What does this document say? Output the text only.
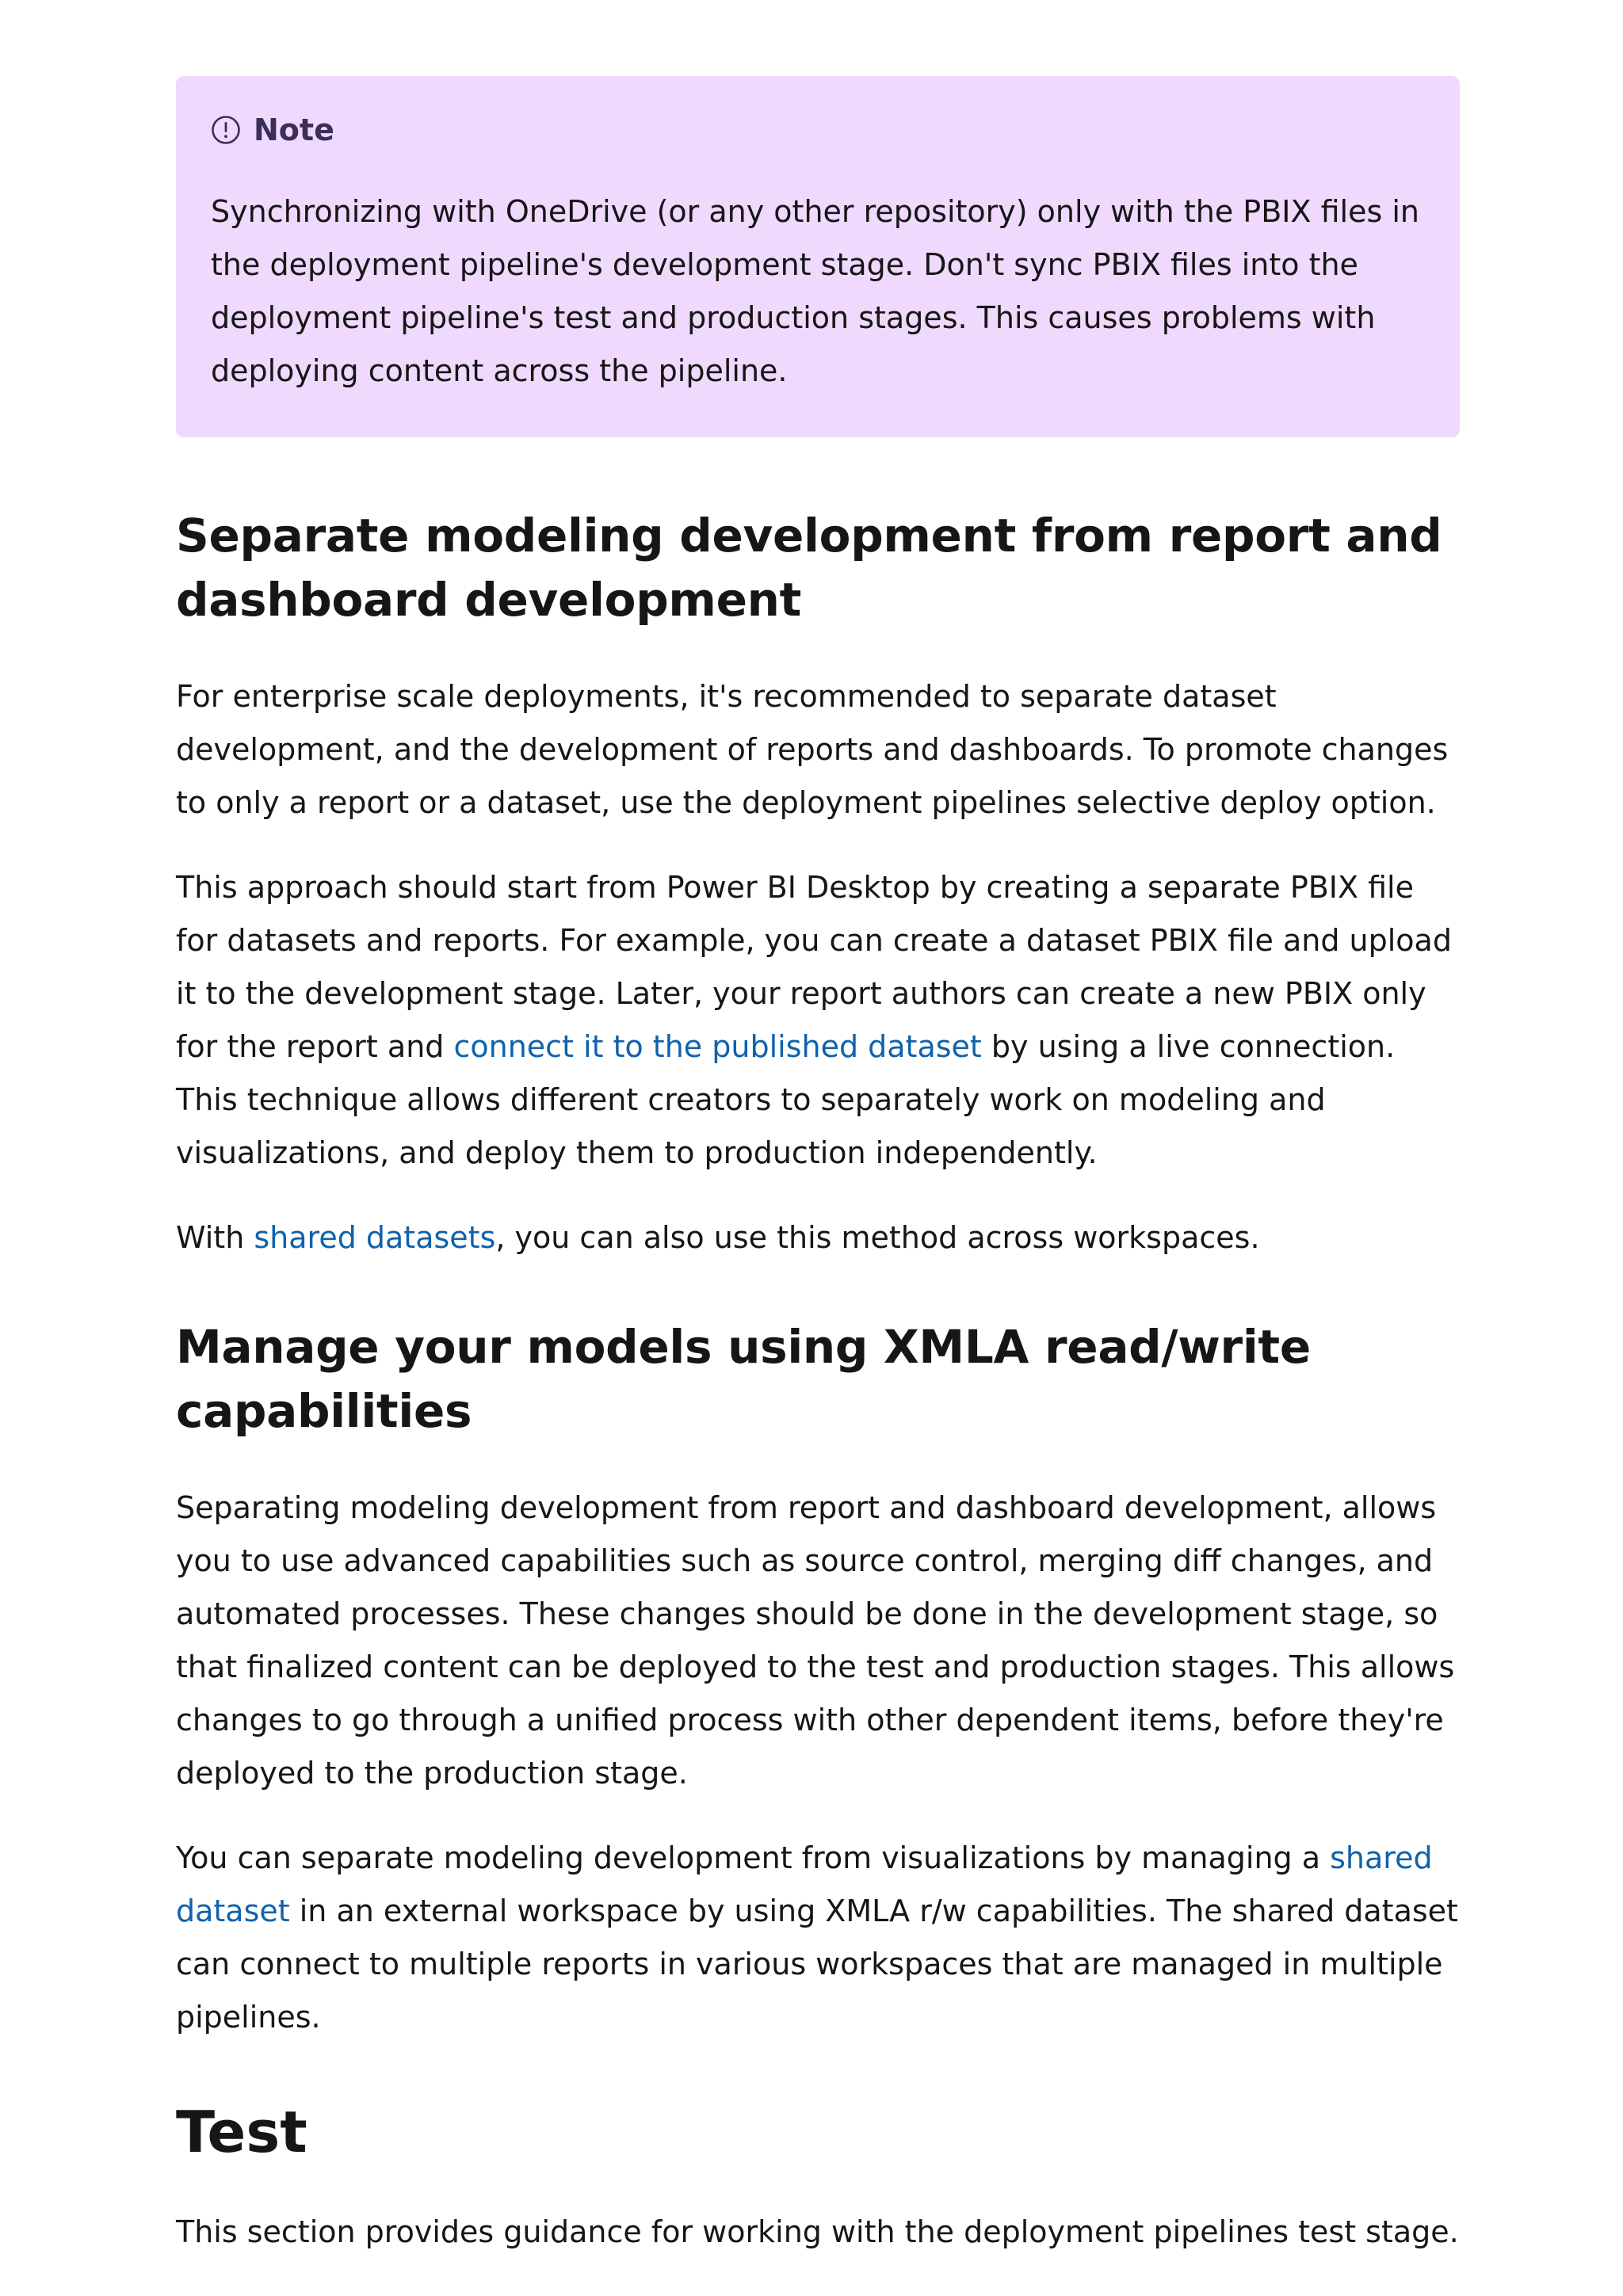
Note

Synchronizing with OneDrive (or any other repository) only with the PBIX files in the deployment pipeline's development stage. Don't sync PBIX files into the deployment pipeline's test and production stages. This causes problems with deploying content across the pipeline.

Separate modeling development from report and dashboard development

For enterprise scale deployments, it's recommended to separate dataset development, and the development of reports and dashboards. To promote changes to only a report or a dataset, use the deployment pipelines selective deploy option.

This approach should start from Power BI Desktop by creating a separate PBIX file for datasets and reports. For example, you can create a dataset PBIX file and upload it to the development stage. Later, your report authors can create a new PBIX only for the report and connect it to the published dataset by using a live connection. This technique allows different creators to separately work on modeling and visualizations, and deploy them to production independently.

With shared datasets, you can also use this method across workspaces.

Manage your models using XMLA read/write capabilities

Separating modeling development from report and dashboard development, allows you to use advanced capabilities such as source control, merging diff changes, and automated processes. These changes should be done in the development stage, so that finalized content can be deployed to the test and production stages. This allows changes to go through a unified process with other dependent items, before they're deployed to the production stage.

You can separate modeling development from visualizations by managing a shared dataset in an external workspace by using XMLA r/w capabilities. The shared dataset can connect to multiple reports in various workspaces that are managed in multiple pipelines.

Test

This section provides guidance for working with the deployment pipelines test stage.
